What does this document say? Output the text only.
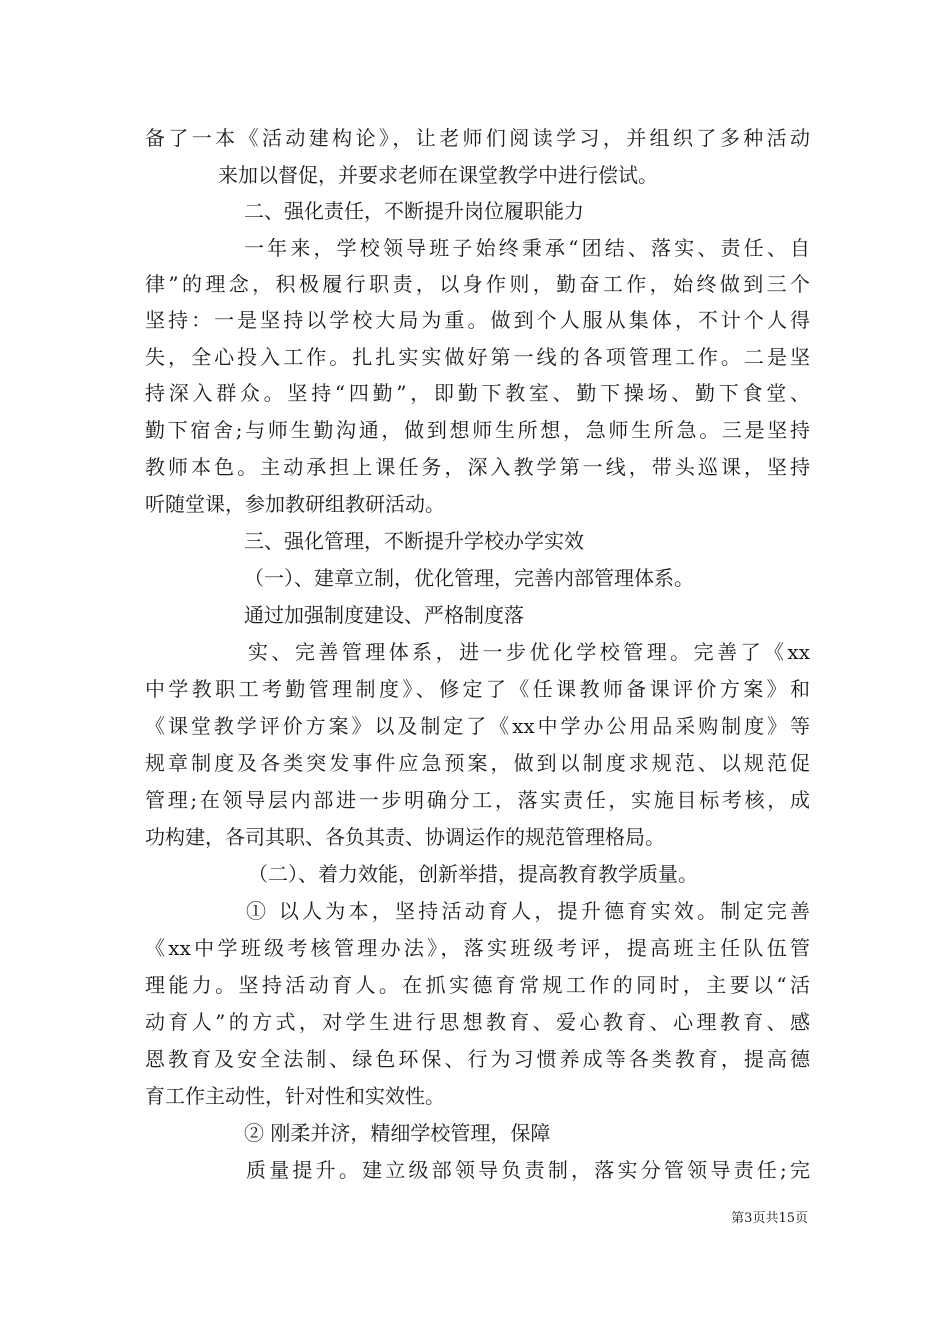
备了一本《活动建构论》，让老师们阅读学习，并组织了多种活动
来加以督促，并要求老师在课堂教学中进行偿试。
二、强化责任，不断提升岗位履职能力
一年来，学校领导班子始终秉承“团结、落实、责任、自
律”的理念，积极履行职责，以身作则，勤奋工作，始终做到三个
坚持：一是坚持以学校大局为重。做到个人服从集体，不计个人得
失，全心投入工作。扎扎实实做好第一线的各项管理工作。二是坚
持深入群众。坚持“四勤”，即勤下教室、勤下操场、勤下食堂、
勤下宿舍;与师生勤沟通，做到想师生所想，急师生所急。三是坚持
教师本色。主动承担上课任务，深入教学第一线，带头巡课，坚持
听随堂课，参加教研组教研活动。
三、强化管理，不断提升学校办学实效
（一）、建章立制，优化管理，完善内部管理体系。
通过加强制度建设、严格制度落
实、完善管理体系，进一步优化学校管理。完善了《xx
中学教职工考勤管理制度》、修定了《任课教师备课评价方案》和
《课堂教学评价方案》以及制定了《xx中学办公用品采购制度》等
规章制度及各类突发事件应急预案，做到以制度求规范、以规范促
管理;在领导层内部进一步明确分工，落实责任，实施目标考核，成
功构建，各司其职、各负其责、协调运作的规范管理格局。
（二）、着力效能，创新举措，提高教育教学质量。
① 以人为本，坚持活动育人，提升德育实效。制定完善
《xx中学班级考核管理办法》，落实班级考评，提高班主任队伍管
理能力。坚持活动育人。在抓实德育常规工作的同时，主要以“活
动育人”的方式，对学生进行思想教育、爱心教育、心理教育、感
恩教育及安全法制、绿色环保、行为习惯养成等各类教育，提高德
育工作主动性，针对性和实效性。
② 刚柔并济，精细学校管理，保障
质量提升。建立级部领导负责制，落实分管领导责任;完
第3页共15页
